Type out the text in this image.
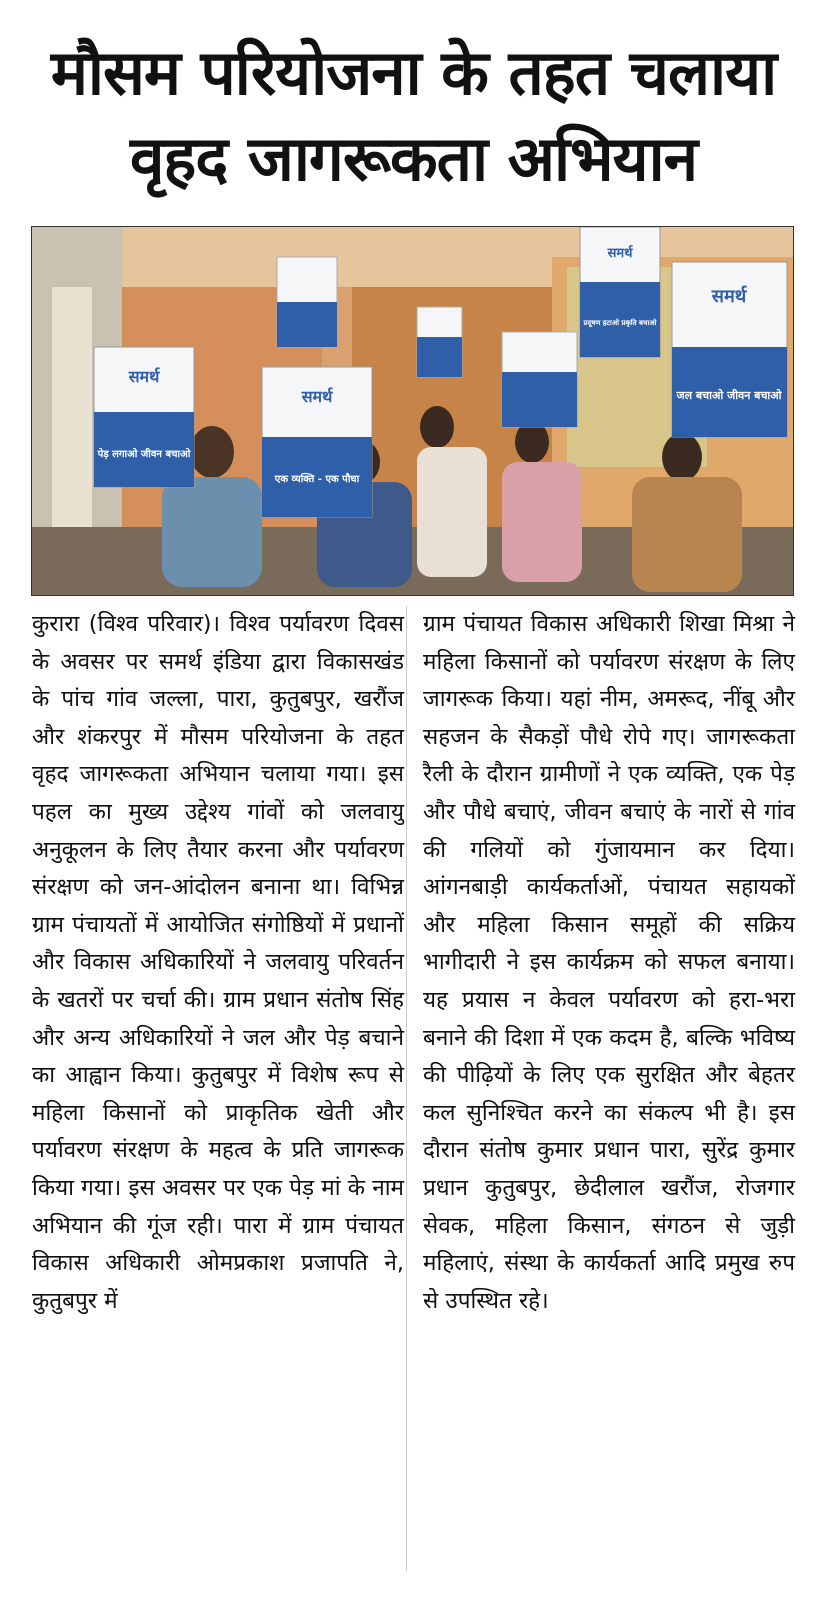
मौसम परियोजना के तहत चलाया
वृहद जागरूकता अभियान
समर्थ
पेड़ लगाओ जीवन बचाओ
समर्थ
एक व्यक्ति - एक पौधा
समर्थ
प्रदूषण हटाओ प्रकृति बचाओ
समर्थ
जल बचाओ जीवन बचाओ
कुरारा (विश्व परिवार)। विश्व पर्यावरण दिवस के अवसर पर समर्थ इंडिया द्वारा विकासखंड के पांच गांव जल्ला, पारा, कुतुबपुर, खरौंज और शंकरपुर में मौसम परियोजना के तहत वृहद जागरूकता अभियान चलाया गया। इस पहल का मुख्य उद्देश्य गांवों को जलवायु अनुकूलन के लिए तैयार करना और पर्यावरण संरक्षण को जन-आंदोलन बनाना था। विभिन्न ग्राम पंचायतों में आयोजित संगोष्ठियों में प्रधानों और विकास अधिकारियों ने जलवायु परिवर्तन के खतरों पर चर्चा की। ग्राम प्रधान संतोष सिंह और अन्य अधिकारियों ने जल और पेड़ बचाने का आह्वान किया। कुतुबपुर में विशेष रूप से महिला किसानों को प्राकृतिक खेती और पर्यावरण संरक्षण के महत्व के प्रति जागरूक किया गया। इस अवसर पर एक पेड़ मां के नाम अभियान की गूंज रही। पारा में ग्राम पंचायत विकास अधिकारी ओमप्रकाश प्रजापति ने, कुतुबपुर में
ग्राम पंचायत विकास अधिकारी शिखा मिश्रा ने महिला किसानों को पर्यावरण संरक्षण के लिए जागरूक किया। यहां नीम, अमरूद, नींबू और सहजन के सैकड़ों पौधे रोपे गए। जागरूकता रैली के दौरान ग्रामीणों ने एक व्यक्ति, एक पेड़ और पौधे बचाएं, जीवन बचाएं के नारों से गांव की गलियों को गुंजायमान कर दिया। आंगनबाड़ी कार्यकर्ताओं, पंचायत सहायकों और महिला किसान समूहों की सक्रिय भागीदारी ने इस कार्यक्रम को सफल बनाया। यह प्रयास न केवल पर्यावरण को हरा-भरा बनाने की दिशा में एक कदम है, बल्कि भविष्य की पीढ़ियों के लिए एक सुरक्षित और बेहतर कल सुनिश्चित करने का संकल्प भी है। इस दौरान संतोष कुमार प्रधान पारा, सुरेंद्र कुमार प्रधान कुतुबपुर, छेदीलाल खरौंज, रोजगार सेवक, महिला किसान, संगठन से जुड़ी महिलाएं, संस्था के कार्यकर्ता आदि प्रमुख रुप से उपस्थित रहे।
